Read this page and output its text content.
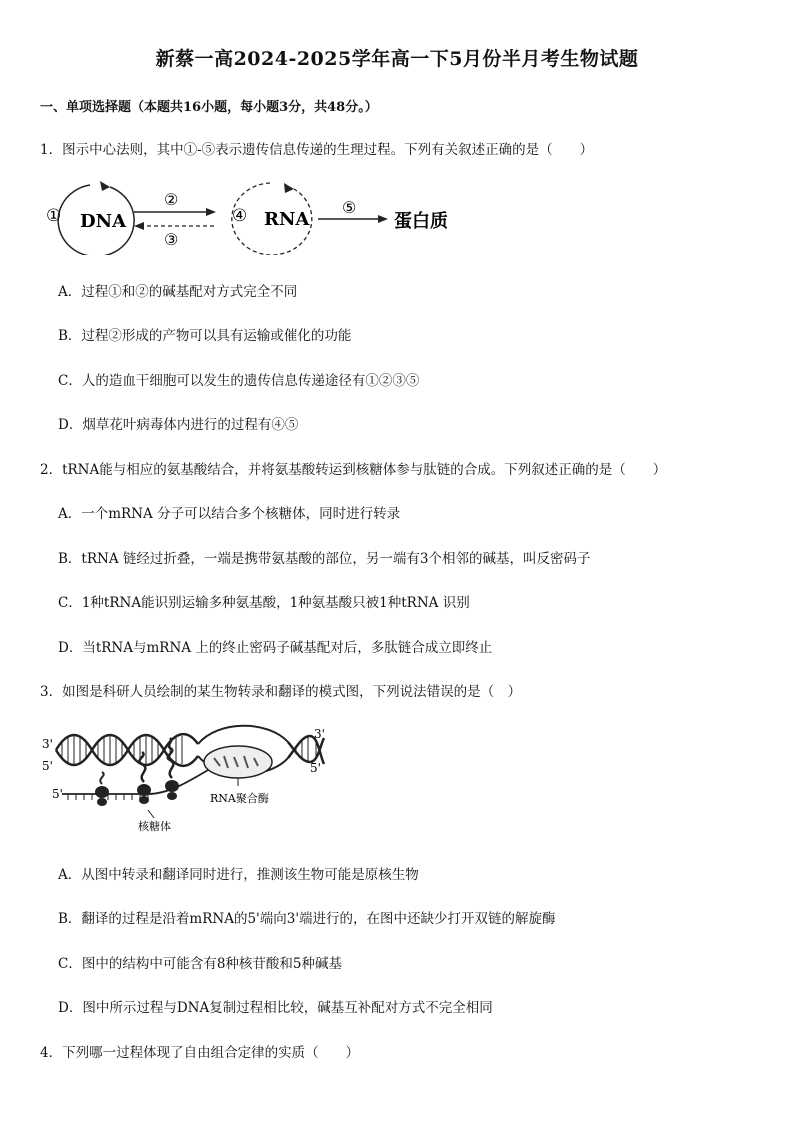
新蔡一高2024-2025学年高一下5月份半月考生物试题
一、单项选择题（本题共16小题，每小题3分，共48分。）
1．图示中心法则，其中①-⑤表示遗传信息传递的生理过程。下列有关叙述正确的是（　　）
① DNA
②
③
④ RNA
⑤
蛋白质
A．过程①和②的碱基配对方式完全不同
B．过程②形成的产物可以具有运输或催化的功能
C．人的造血干细胞可以发生的遗传信息传递途径有①②③⑤
D．烟草花叶病毒体内进行的过程有④⑤
2．tRNA能与相应的氨基酸结合，并将氨基酸转运到核糖体参与肽链的合成。下列叙述正确的是（　　）
A．一个mRNA 分子可以结合多个核糖体，同时进行转录
B．tRNA 链经过折叠，一端是携带氨基酸的部位，另一端有3个相邻的碱基，叫反密码子
C．1种tRNA能识别运输多种氨基酸，1种氨基酸只被1种tRNA 识别
D．当tRNA与mRNA 上的终止密码子碱基配对后，多肽链合成立即终止
3．如图是科研人员绘制的某生物转录和翻译的模式图，下列说法错误的是（　）
3'
5'
3'
5'
5'	RNA聚合酶
核糖体
A．从图中转录和翻译同时进行，推测该生物可能是原核生物
B．翻译的过程是沿着mRNA的5'端向3'端进行的，在图中还缺少打开双链的解旋酶
C．图中的结构中可能含有8种核苷酸和5种碱基
D．图中所示过程与DNA复制过程相比较，碱基互补配对方式不完全相同
4．下列哪一过程体现了自由组合定律的实质（　　）
